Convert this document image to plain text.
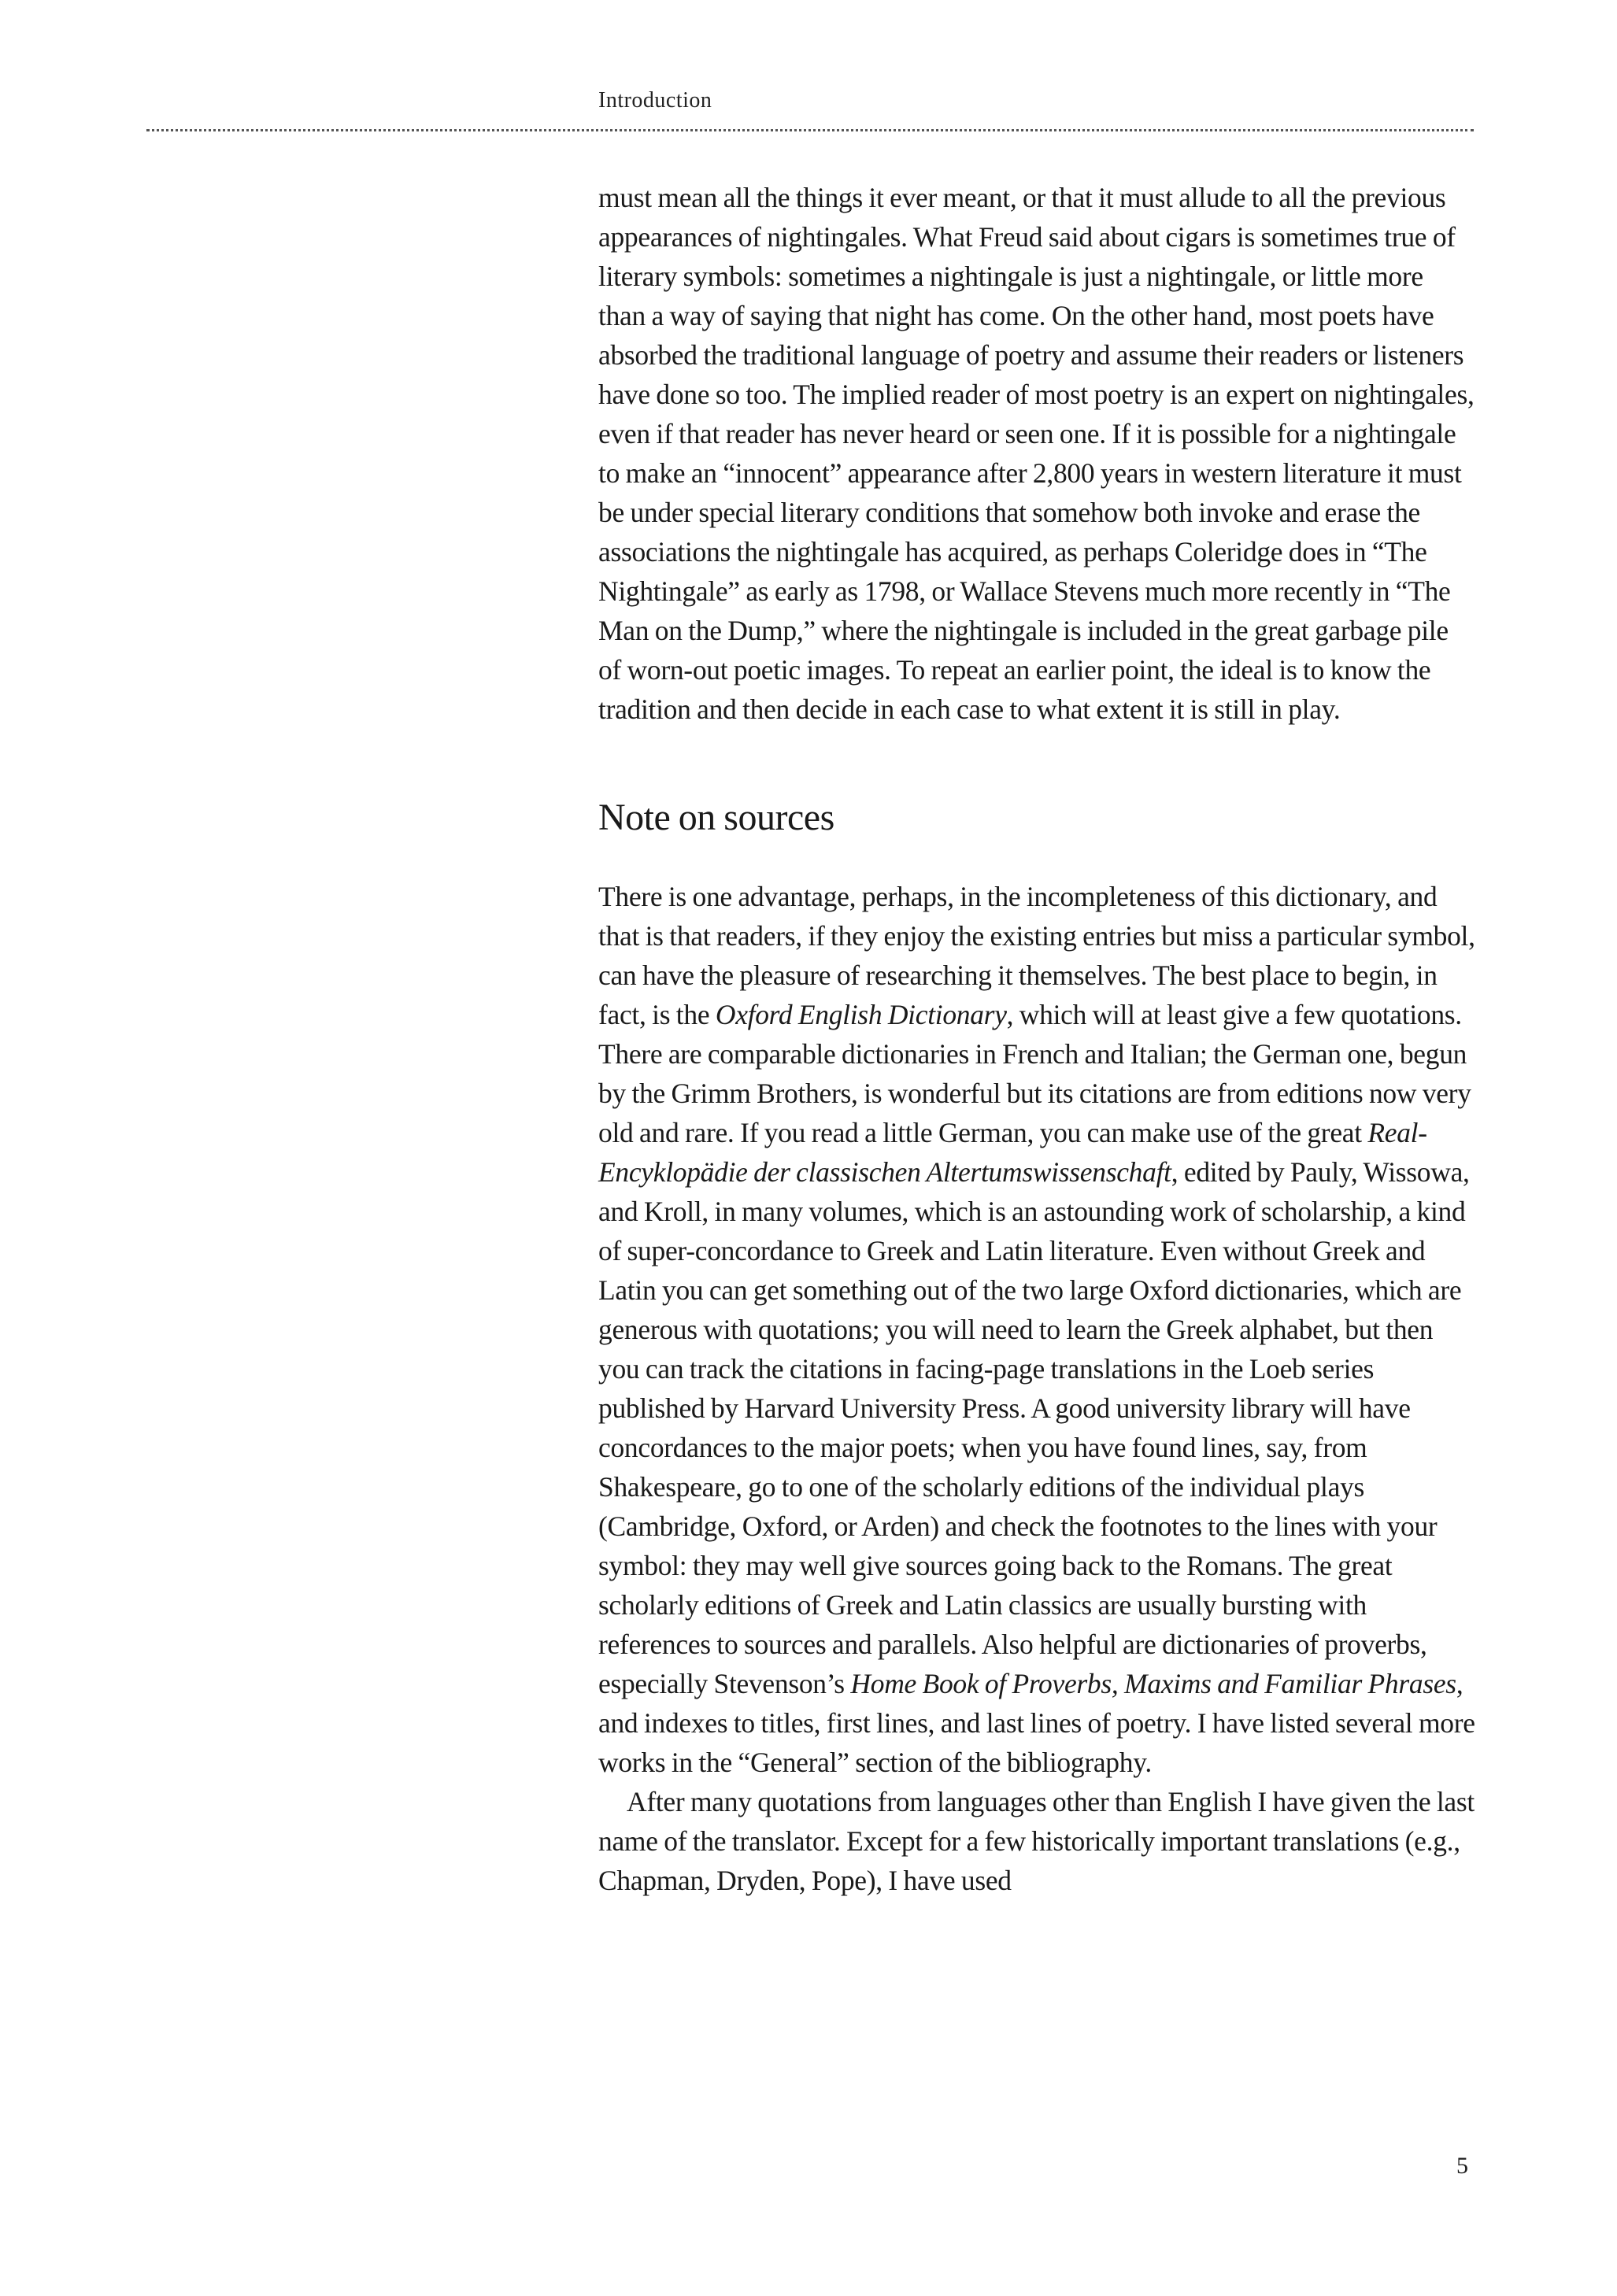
Introduction

must mean all the things it ever meant, or that it must allude to all the previous appearances of nightingales. What Freud said about cigars is sometimes true of literary symbols: sometimes a nightingale is just a nightingale, or little more than a way of saying that night has come. On the other hand, most poets have absorbed the traditional language of poetry and assume their readers or listeners have done so too. The implied reader of most poetry is an expert on nightingales, even if that reader has never heard or seen one. If it is possible for a nightingale to make an “innocent” appearance after 2,800 years in western literature it must be under special literary conditions that somehow both invoke and erase the associations the nightingale has acquired, as perhaps Coleridge does in “The Nightingale” as early as 1798, or Wallace Stevens much more recently in “The Man on the Dump,” where the nightingale is included in the great garbage pile of worn-out poetic images. To repeat an earlier point, the ideal is to know the tradition and then decide in each case to what extent it is still in play.

Note on sources

There is one advantage, perhaps, in the incompleteness of this dictionary, and that is that readers, if they enjoy the existing entries but miss a particular symbol, can have the pleasure of researching it themselves. The best place to begin, in fact, is the Oxford English Dictionary, which will at least give a few quotations. There are comparable dictionaries in French and Italian; the German one, begun by the Grimm Brothers, is wonderful but its citations are from editions now very old and rare. If you read a little German, you can make use of the great Real-Encyklopädie der classischen Altertumswissenschaft, edited by Pauly, Wissowa, and Kroll, in many volumes, which is an astounding work of scholarship, a kind of super-concordance to Greek and Latin literature. Even without Greek and Latin you can get something out of the two large Oxford dictionaries, which are generous with quotations; you will need to learn the Greek alphabet, but then you can track the citations in facing-page translations in the Loeb series published by Harvard University Press. A good university library will have concordances to the major poets; when you have found lines, say, from Shakespeare, go to one of the scholarly editions of the individual plays (Cambridge, Oxford, or Arden) and check the footnotes to the lines with your symbol: they may well give sources going back to the Romans. The great scholarly editions of Greek and Latin classics are usually bursting with references to sources and parallels. Also helpful are dictionaries of proverbs, especially Stevenson’s Home Book of Proverbs, Maxims and Familiar Phrases, and indexes to titles, first lines, and last lines of poetry. I have listed several more works in the “General” section of the bibliography.

After many quotations from languages other than English I have given the last name of the translator. Except for a few historically important translations (e.g., Chapman, Dryden, Pope), I have used

5
